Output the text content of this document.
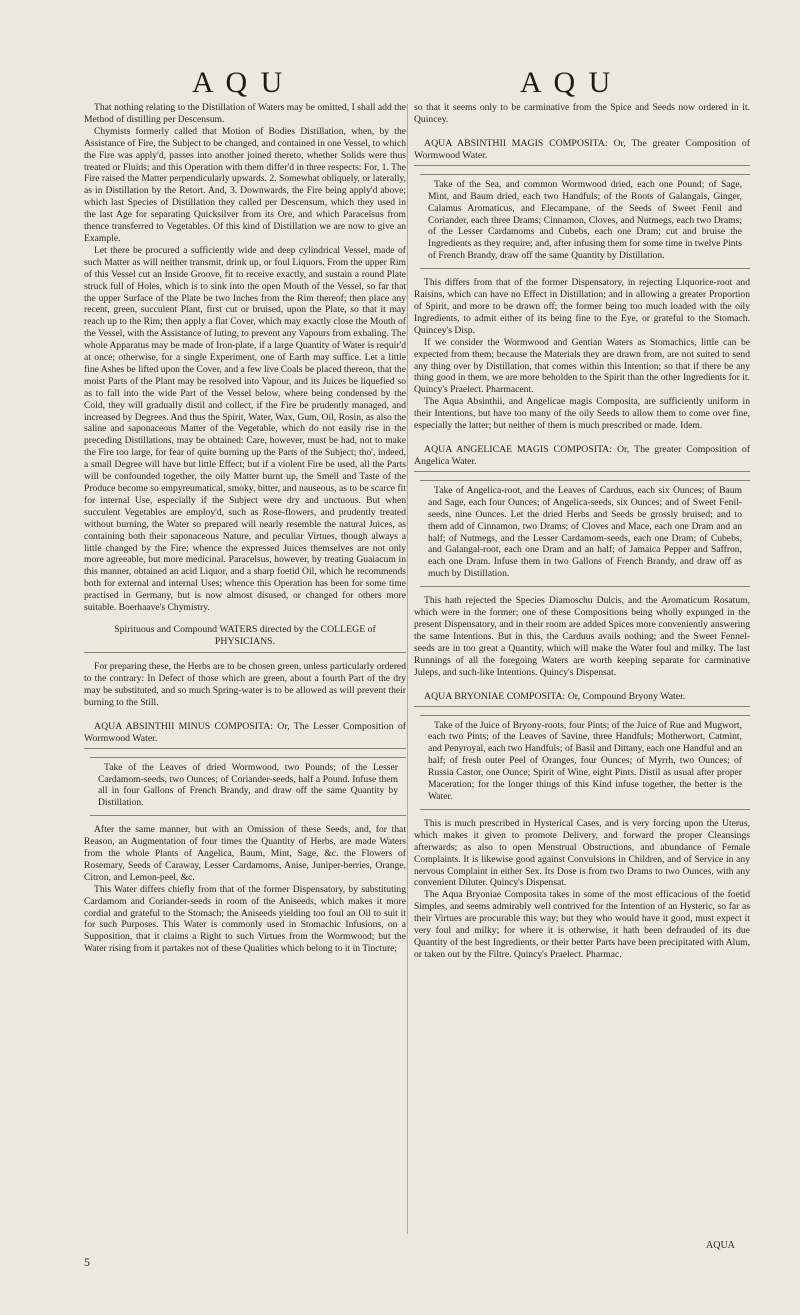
A Q U	A Q U

That nothing relating to the Distillation of Waters may be omitted, I shall add the Method of distilling per Descensum.

Chymists formerly called that Motion of Bodies Distillation, when, by the Assistance of Fire, the Subject to be changed, and contained in one Vessel, to which the Fire was apply'd, passes into another joined thereto, whether Solids were thus treated or Fluids; and this Operation with them differ'd in three respects: For, 1. The Fire raised the Matter perpendicularly upwards. 2. Somewhat obliquely, or laterally, as in Distillation by the Retort. And, 3. Downwards, the Fire being apply'd above; which last Species of Distillation they called per Descensum, which they used in the last Age for separating Quicksilver from its Ore, and which Paracelsus from thence transferred to Vegetables. Of this kind of Distillation we are now to give an Example.

Let there be procured a sufficiently wide and deep cylindrical Vessel, made of such Matter as will neither transmit, drink up, or foul Liquors. From the upper Rim of this Vessel cut an Inside Groove, fit to receive exactly, and sustain a round Plate struck full of Holes, which is to sink into the open Mouth of the Vessel, so far that the upper Surface of the Plate be two Inches from the Rim thereof; then place any recent, green, succulent Plant, first cut or bruised, upon the Plate, so that it may reach up to the Rim; then apply a flat Cover, which may exactly close the Mouth of the Vessel, with the Assistance of luting, to prevent any Vapours from exhaling. The whole Apparatus may be made of Iron-plate, if a large Quantity of Water is requir'd at once; otherwise, for a single Experiment, one of Earth may suffice. Let a little fine Ashes be lifted upon the Cover, and a few live Coals be placed thereon, that the moist Parts of the Plant may be resolved into Vapour, and its Juices be liquefied so as to fall into the wide Part of the Vessel below, where being condensed by the Cold, they will gradually distil and collect, if the Fire be prudently managed, and increased by Degrees. And thus the Spirit, Water, Wax, Gum, Oil, Rosin, as also the saline and saponaceous Matter of the Vegetable, which do not easily rise in the preceding Distillations, may be obtained: Care, however, must be had, not to make the Fire too large, for fear of quite burning up the Parts of the Subject; tho', indeed, a small Degree will have but little Effect; but if a violent Fire be used, all the Parts will be confounded together, the oily Matter burnt up, the Smell and Taste of the Produce become so empyreumatical, smoky, bitter, and nauseous, as to be scarce fit for internal Use, especially if the Subject were dry and unctuous. But when succulent Vegetables are employ'd, such as Rose-flowers, and prudently treated without burning, the Water so prepared will nearly resemble the natural Juices, as containing both their saponaceous Nature, and peculiar Virtues, though always a little changed by the Fire; whence the expressed Juices themselves are not only more agreeable, but more medicinal. Paracelsus, however, by treating Guaiacum in this manner, obtained an acid Liquor, and a sharp foetid Oil, which he recommends both for external and internal Uses; whence this Operation has been for some time practised in Germany, but is now almost disused, or changed for others more suitable. Boerhaave's Chymistry.

Spirituous and Compound WATERS directed by the COLLEGE of PHYSICIANS.

For preparing these, the Herbs are to be chosen green, unless particularly ordered to the contrary: In Defect of those which are green, about a fourth Part of the dry may be substituted, and so much Spring-water is to be allowed as will prevent their burning to the Still.

AQUA ABSINTHII MINUS COMPOSITA: Or, The Lesser Composition of Wormwood Water.

Take of the Leaves of dried Wormwood, two Pounds; of the Lesser Cardamom-seeds, two Ounces; of Coriander-seeds, half a Pound. Infuse them all in four Gallons of French Brandy, and draw off the same Quantity by Distillation.

After the same manner, but with an Omission of these Seeds, and, for that Reason, an Augmentation of four times the Quantity of Herbs, are made Waters from the whole Plants of Angelica, Baum, Mint, Sage, &c. the Flowers of Rosemary, Seeds of Caraway, Lesser Cardamoms, Anise, Juniper-berries, Orange, Citron, and Lemon-peel, &c.

This Water differs chiefly from that of the former Dispensatory, by substituting Cardamom and Coriander-seeds in room of the Aniseeds, which makes it more cordial and grateful to the Stomach; the Aniseeds yielding too foul an Oil to suit it for such Purposes. This Water is commonly used in Stomachic Infusions, on a Supposition, that it claims a Right to such Virtues from the Wormwood; but the Water rising from it partakes not of these Qualities which belong to it in Tincture;

so that it seems only to be carminative from the Spice and Seeds now ordered in it. Quincey.

AQUA ABSINTHII MAGIS COMPOSITA: Or, The greater Composition of Wormwood Water.

Take of the Sea, and common Wormwood dried, each one Pound; of Sage, Mint, and Baum dried, each two Handfuls; of the Roots of Galangals, Ginger, Calamus Aromaticus, and Elecampane, of the Seeds of Sweet Fenil and Coriander, each three Drams; Cinnamon, Cloves, and Nutmegs, each two Drams; of the Lesser Cardamoms and Cubebs, each one Dram; cut and bruise the Ingredients as they require; and, after infusing them for some time in twelve Pints of French Brandy, draw off the same Quantity by Distillation.

This differs from that of the former Dispensatory, in rejecting Liquorice-root and Raisins, which can have no Effect in Distillation; and in allowing a greater Proportion of Spirit, and more to be drawn off; the former being too much loaded with the oily Ingredients, to admit either of its being fine to the Eye, or grateful to the Stomach. Quincey's Disp.

If we consider the Wormwood and Gentian Waters as Stomachics, little can be expected from them; because the Materials they are drawn from, are not suited to send any thing over by Distillation, that comes within this Intention; so that if there be any thing good in them, we are more beholden to the Spirit than the other Ingredients for it. Quincy's Praelect. Pharmacent.

The Aqua Absinthii, and Angelicae magis Composita, are sufficiently uniform in their Intentions, but have too many of the oily Seeds to allow them to come over fine, especially the latter; but neither of them is much prescribed or made. Idem.

AQUA ANGELICAE MAGIS COMPOSITA: Or, The greater Composition of Angelica Water.

Take of Angelica-root, and the Leaves of Carduus, each six Ounces; of Baum and Sage, each four Ounces; of Angelica-seeds, six Ounces; and of Sweet Fenil-seeds, nine Ounces. Let the dried Herbs and Seeds be grossly bruised; and to them add of Cinnamon, two Drams; of Cloves and Mace, each one Dram and an half; of Nutmegs, and the Lesser Cardamom-seeds, each one Dram; of Cubebs, and Galangal-root, each one Dram and an half; of Jamaica Pepper and Saffron, each one Dram. Infuse them in two Gallons of French Brandy, and draw off as much by Distillation.

This hath rejected the Species Diamoschu Dulcis, and the Aromaticum Rosatum, which were in the former; one of these Compositions being wholly expunged in the present Dispensatory, and in their room are added Spices more conveniently answering the same Intentions. But in this, the Carduus avails nothing; and the Sweet Fennel-seeds are in too great a Quantity, which will make the Water foul and milky. The last Runnings of all the foregoing Waters are worth keeping separate for carminative Juleps, and such-like Intentions. Quincy's Dispensat.

AQUA BRYONIAE COMPOSITA: Or, Compound Bryony Water.

Take of the Juice of Bryony-roots, four Pints; of the Juice of Rue and Mugwort, each two Pints; of the Leaves of Savine, three Handfuls; Motherwort, Catmint, and Penyroyal, each two Handfuls; of Basil and Dittany, each one Handful and an half; of fresh outer Peel of Oranges, four Ounces; of Myrrh, two Ounces; of Russia Castor, one Ounce; Spirit of Wine, eight Pints. Distil as usual after proper Maceration; for the longer things of this Kind infuse together, the better is the Water.

This is much prescribed in Hysterical Cases, and is very forcing upon the Uterus, which makes it given to promote Delivery, and forward the proper Cleansings afterwards; as also to open Menstrual Obstructions, and abundance of Female Complaints. It is likewise good against Convulsions in Children, and of Service in any nervous Complaint in either Sex. Its Dose is from two Drams to two Ounces, with any convenient Diluter. Quincy's Dispensat.

The Aqua Bryoniae Composita takes in some of the most efficacious of the foetid Simples, and seems admirably well contrived for the Intention of an Hysteric, so far as their Virtues are procurable this way; but they who would have it good, must expect it very foul and milky; for where it is otherwise, it hath been defrauded of its due Quantity of the best Ingredients, or their better Parts have been precipitated with Alum, or taken out by the Filtre. Quincy's Praelect. Pharmac.

5
AQUA
